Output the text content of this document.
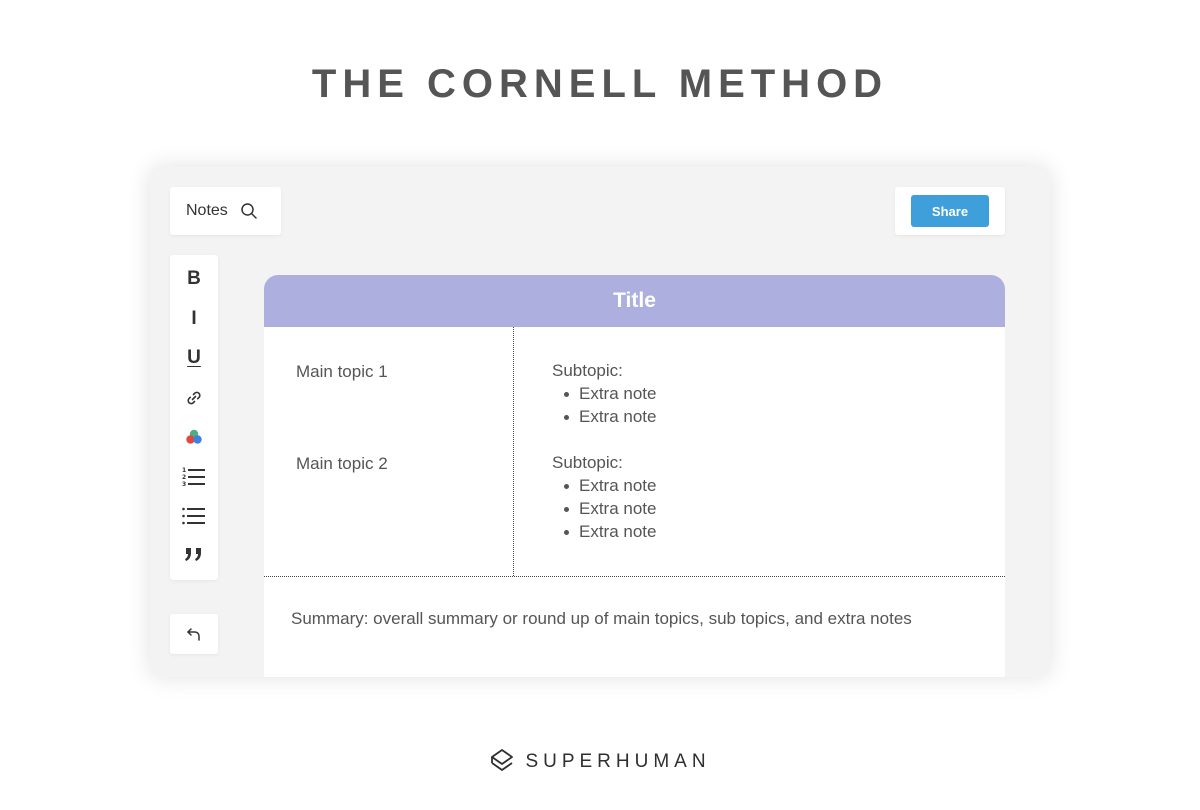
THE CORNELL METHOD
Notes	Share
B
I
U
1
2
3
Title
Main topic 1
Main topic 2
Subtopic:
Extra note
Extra note
Subtopic:
Extra note
Extra note
Extra note
Summary: overall summary or round up of main topics, sub topics, and extra notes
SUPERHUMAN
